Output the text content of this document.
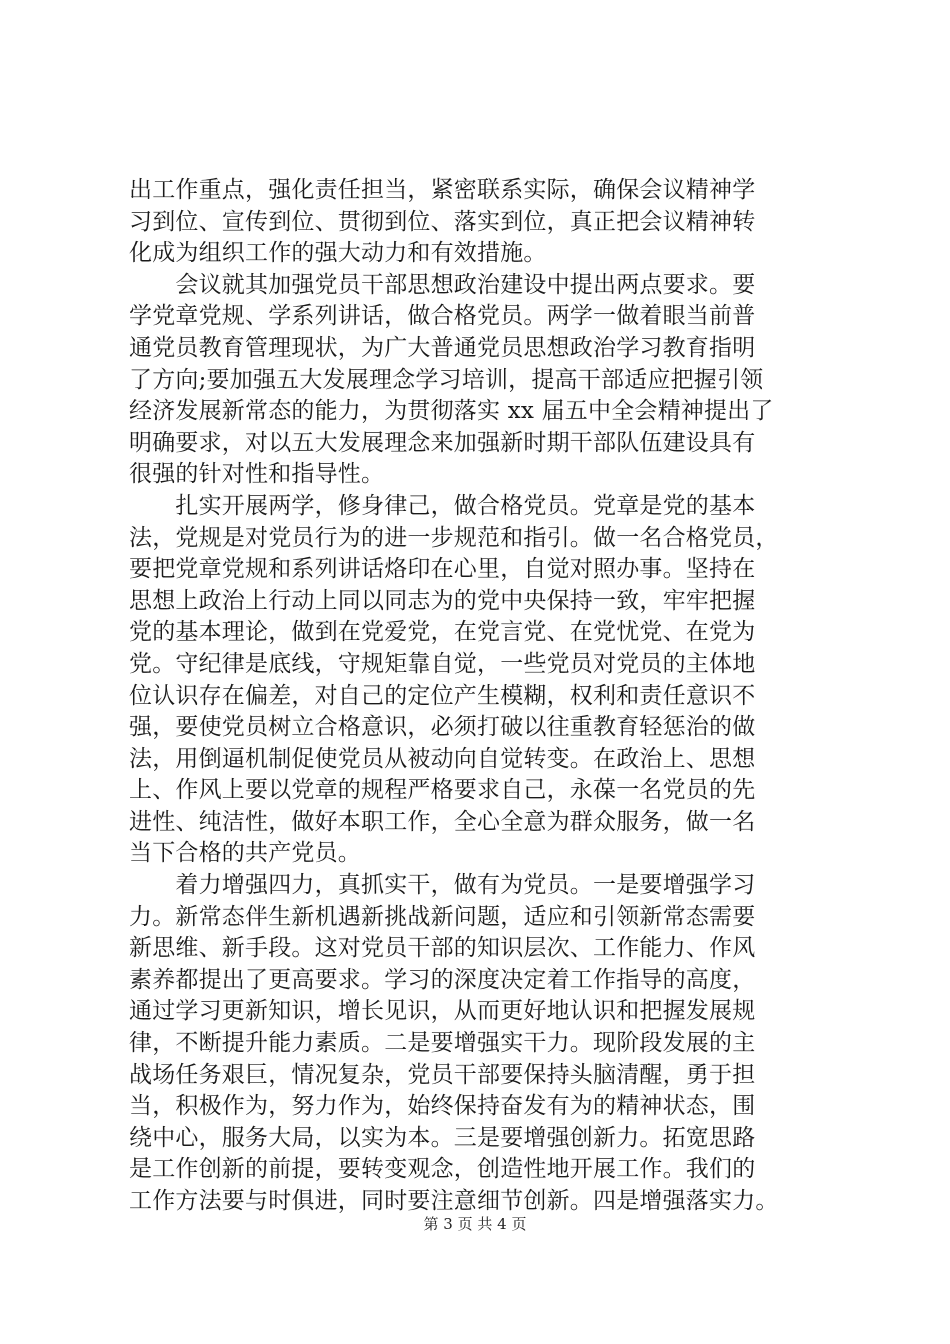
出工作重点，强化责任担当，紧密联系实际，确保会议精神学
习到位、宣传到位、贯彻到位、落实到位，真正把会议精神转
化成为组织工作的强大动力和有效措施。
　　会议就其加强党员干部思想政治建设中提出两点要求。要
学党章党规、学系列讲话，做合格党员。两学一做着眼当前普
通党员教育管理现状，为广大普通党员思想政治学习教育指明
了方向;要加强五大发展理念学习培训，提高干部适应把握引领
经济发展新常态的能力，为贯彻落实 xx 届五中全会精神提出了
明确要求，对以五大发展理念来加强新时期干部队伍建设具有
很强的针对性和指导性。
　　扎实开展两学，修身律己，做合格党员。党章是党的基本
法，党规是对党员行为的进一步规范和指引。做一名合格党员，
要把党章党规和系列讲话烙印在心里，自觉对照办事。坚持在
思想上政治上行动上同以同志为的党中央保持一致，牢牢把握
党的基本理论，做到在党爱党，在党言党、在党忧党、在党为
党。守纪律是底线，守规矩靠自觉，一些党员对党员的主体地
位认识存在偏差，对自己的定位产生模糊，权利和责任意识不
强，要使党员树立合格意识，必须打破以往重教育轻惩治的做
法，用倒逼机制促使党员从被动向自觉转变。在政治上、思想
上、作风上要以党章的规程严格要求自己，永葆一名党员的先
进性、纯洁性，做好本职工作，全心全意为群众服务，做一名
当下合格的共产党员。
　　着力增强四力，真抓实干，做有为党员。一是要增强学习
力。新常态伴生新机遇新挑战新问题，适应和引领新常态需要
新思维、新手段。这对党员干部的知识层次、工作能力、作风
素养都提出了更高要求。学习的深度决定着工作指导的高度，
通过学习更新知识，增长见识，从而更好地认识和把握发展规
律，不断提升能力素质。二是要增强实干力。现阶段发展的主
战场任务艰巨，情况复杂，党员干部要保持头脑清醒，勇于担
当，积极作为，努力作为，始终保持奋发有为的精神状态，围
绕中心，服务大局，以实为本。三是要增强创新力。拓宽思路
是工作创新的前提，要转变观念，创造性地开展工作。我们的
工作方法要与时俱进，同时要注意细节创新。四是增强落实力。
第 3 页 共 4 页
